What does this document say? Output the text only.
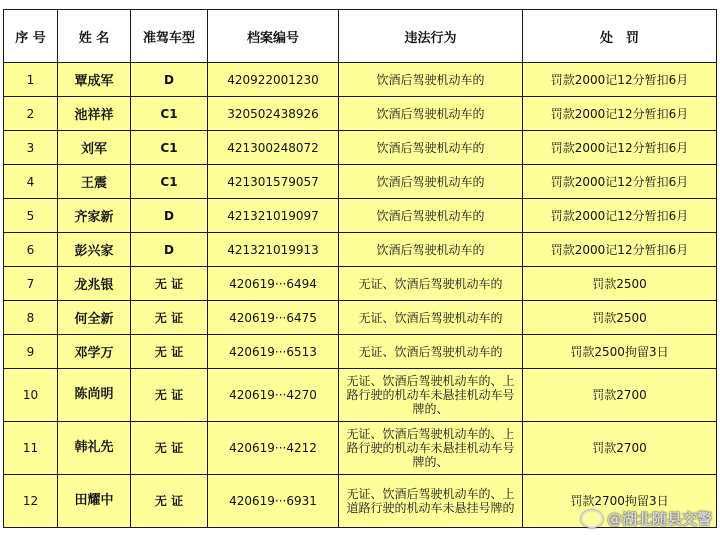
序 号	姓 名	准驾车型	档案编号	违法行为	处　罚
1	覃成军	D	420922001230	饮酒后驾驶机动车的	罚款2000记12分暂扣6月
2	池祥祥	C1	320502438926	饮酒后驾驶机动车的	罚款2000记12分暂扣6月
3	刘军	C1	421300248072	饮酒后驾驶机动车的	罚款2000记12分暂扣6月
4	王震	C1	421301579057	饮酒后驾驶机动车的	罚款2000记12分暂扣6月
5	齐家新	D	421321019097	饮酒后驾驶机动车的	罚款2000记12分暂扣6月
6	彭兴家	D	421321019913	饮酒后驾驶机动车的	罚款2000记12分暂扣6月
7	龙兆银	无 证	420619···6494	无证、饮酒后驾驶机动车的	罚款2500
8	何全新	无 证	420619···6475	无证、饮酒后驾驶机动车的	罚款2500
9	邓学万	无 证	420619···6513	无证、饮酒后驾驶机动车的	罚款2500拘留3日
10	陈尚明	无 证	420619···4270	无证、饮酒后驾驶机动车的、上路行驶的机动车未悬挂机动车号牌的、	罚款2700
11	韩礼先	无 证	420619···4212	无证、饮酒后驾驶机动车的、上路行驶的机动车未悬挂机动车号牌的、	罚款2700
12	田耀中	无 证	420619···6931	无证、饮酒后驾驶机动车的、上道路行驶的机动车未悬挂号牌的	罚款2700拘留3日
@湖北随县交警
